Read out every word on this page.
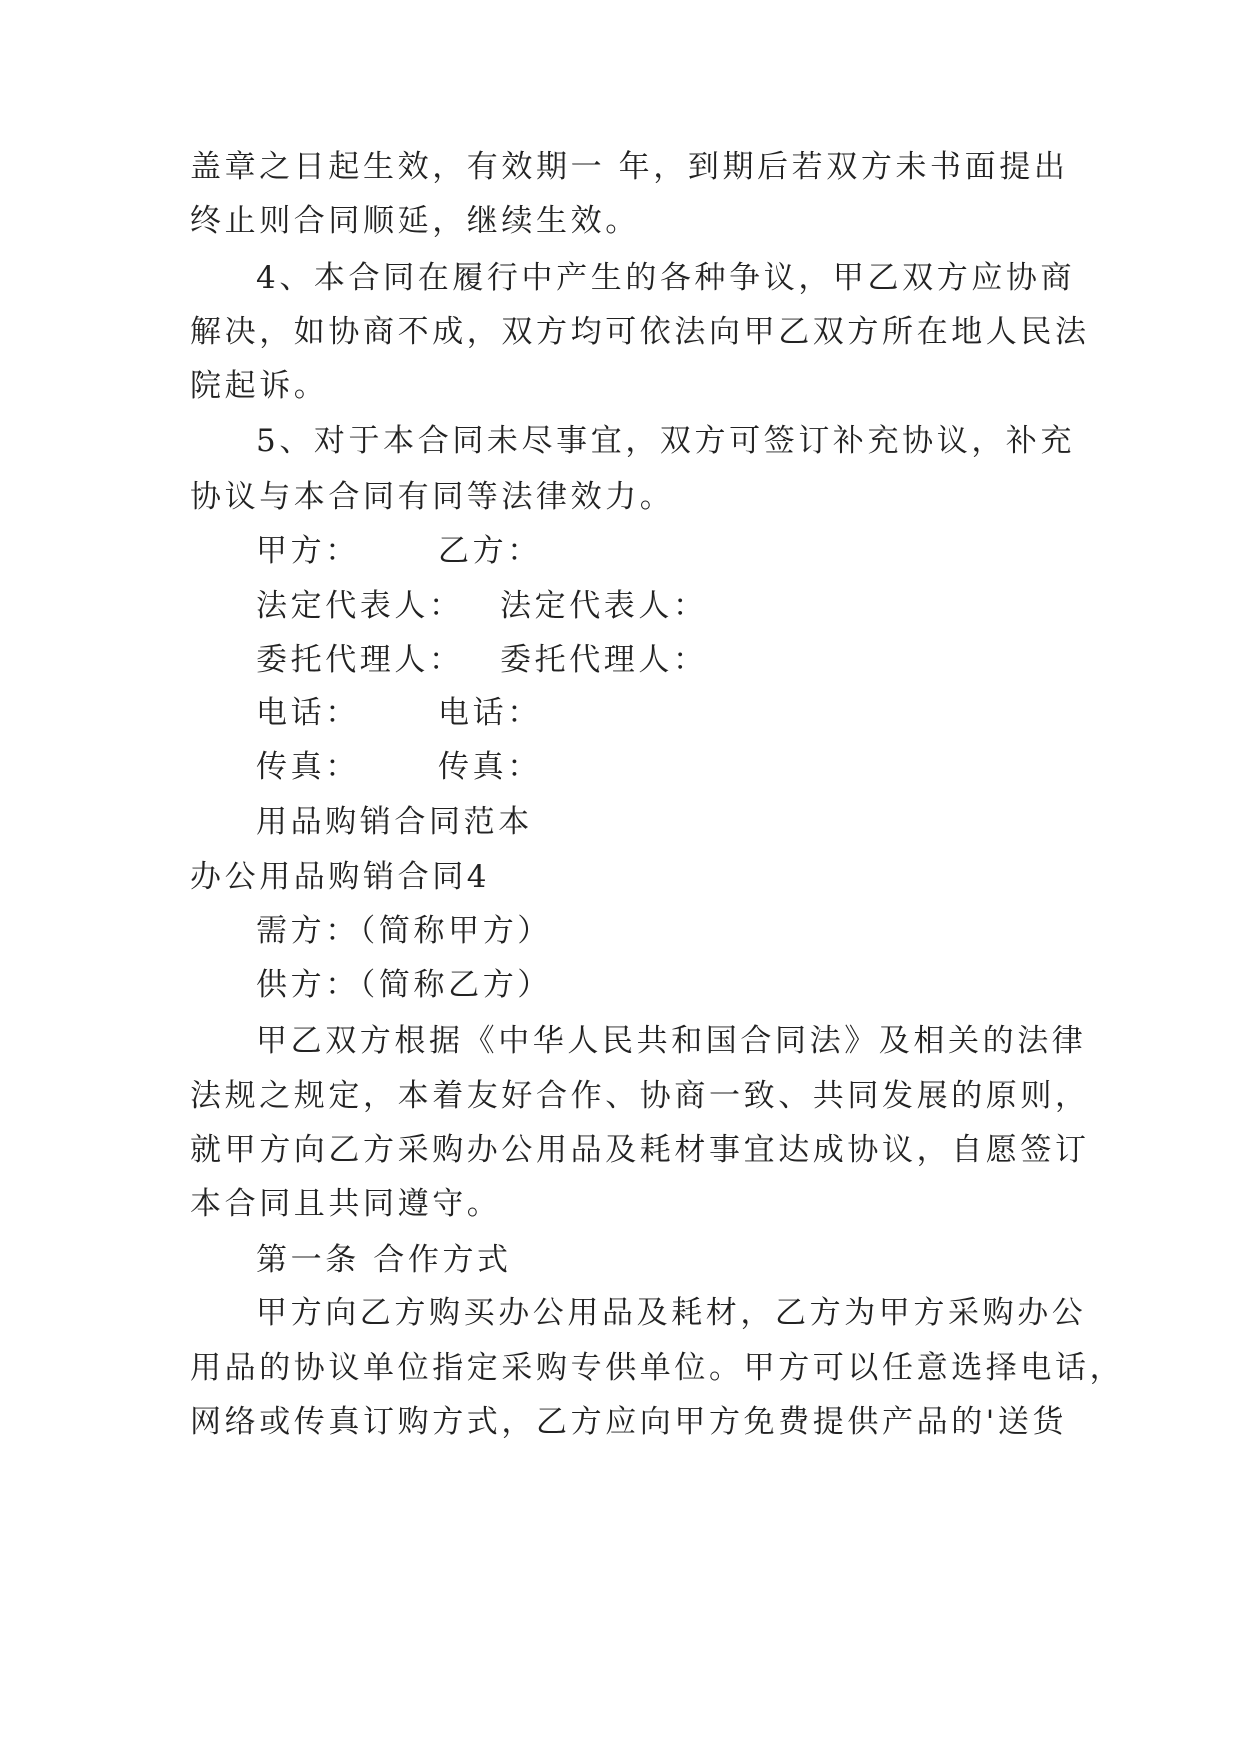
盖章之日起生效，有效期一 年，到期后若双方未书面提出
终止则合同顺延，继续生效。
4、本合同在履行中产生的各种争议，甲乙双方应协商
解决，如协商不成，双方均可依法向甲乙双方所在地人民法
院起诉。
5、对于本合同未尽事宜，双方可签订补充协议，补充
协议与本合同有同等法律效力。
甲方：	乙方：
法定代表人： 法定代表人：
委托代理人： 委托代理人：
电话：	电话：
传真：	传真：
用品购销合同范本
办公用品购销合同4
需方：（简称甲方）
供方：（简称乙方）
甲乙双方根据《中华人民共和国合同法》及相关的法律
法规之规定，本着友好合作、协商一致、共同发展的原则，
就甲方向乙方采购办公用品及耗材事宜达成协议，自愿签订
本合同且共同遵守。
第一条 合作方式
甲方向乙方购买办公用品及耗材，乙方为甲方采购办公
用品的协议单位指定采购专供单位。甲方可以任意选择电话，
网络或传真订购方式，乙方应向甲方免费提供产品的'送货
